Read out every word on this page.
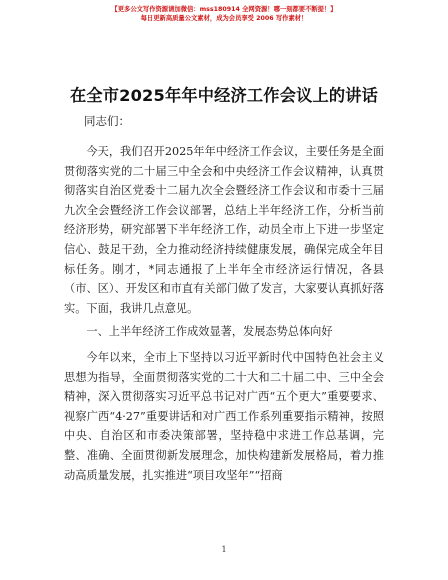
【更多公文写作资源请加微信：mss180914 全网资源！哪一刻都要不断提！】
每日更新高质量公文素材，成为会员享受 2006 写作素材！
在全市2025年年中经济工作会议上的讲话
同志们：

今天，我们召开2025年年中经济工作会议，主要任务是全面贯彻落实党的二十届三中全会和中央经济工作会议精神，认真贯彻落实自治区党委十二届九次全会暨经济工作会议和市委十三届九次全会暨经济工作会议部署，总结上半年经济工作，分析当前经济形势，研究部署下半年经济工作，动员全市上下进一步坚定信心、鼓足干劲，全力推动经济持续健康发展，确保完成全年目标任务。刚才，*同志通报了上半年全市经济运行情况，各县（市、区）、开发区和市直有关部门做了发言，大家要认真抓好落实。下面，我讲几点意见。

一、上半年经济工作成效显著，发展态势总体向好

今年以来，全市上下坚持以习近平新时代中国特色社会主义思想为指导，全面贯彻落实党的二十大和二十届二中、三中全会精神，深入贯彻落实习近平总书记对广西“五个更大”重要要求、视察广西“4·27”重要讲话和对广西工作系列重要指示精神，按照中央、自治区和市委决策部署，坚持稳中求进工作总基调，完整、准确、全面贯彻新发展理念，加快构建新发展格局，着力推动高质量发展，扎实推进“项目攻坚年”“招商

1
